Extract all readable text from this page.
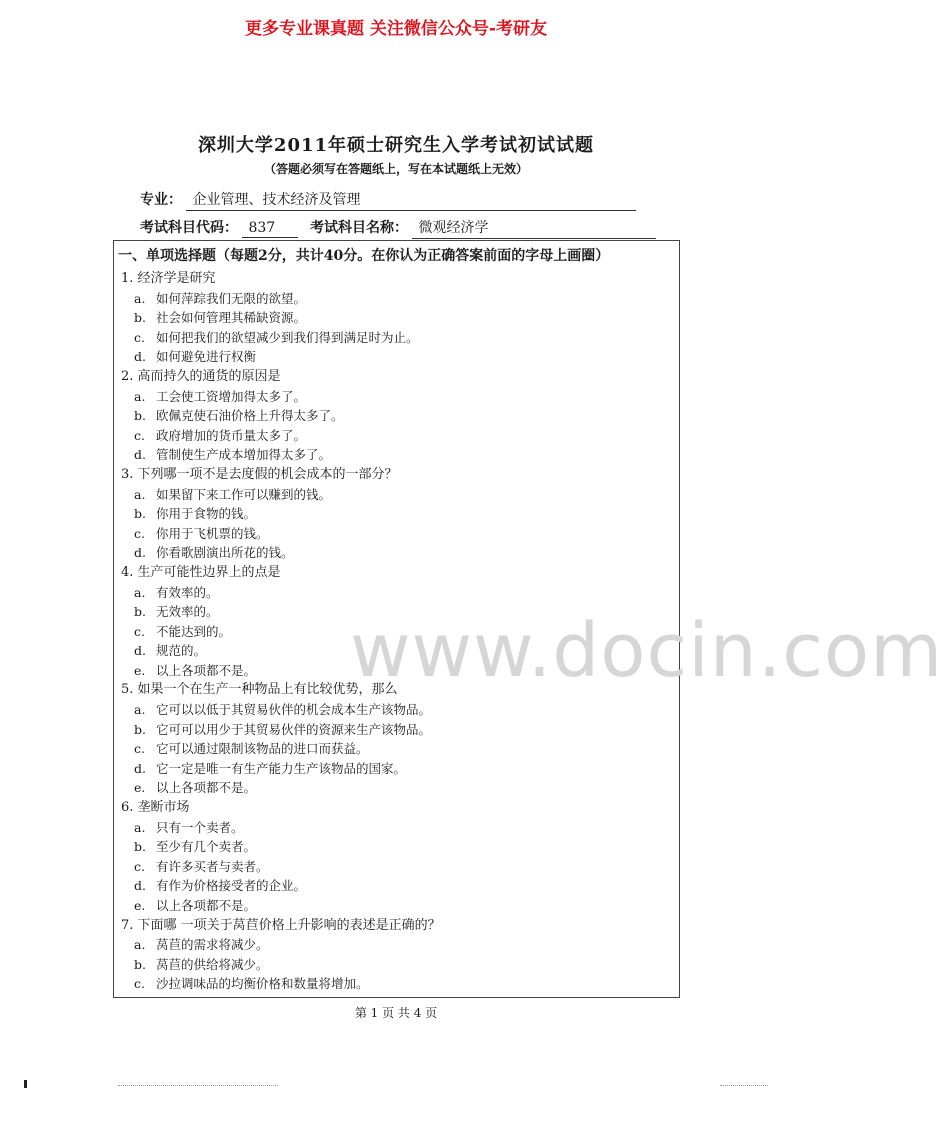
更多专业课真题 关注微信公众号-考研友
深圳大学2011年硕士研究生入学考试初试试题
（答题必须写在答题纸上，写在本试题纸上无效）
专业： 企业管理、技术经济及管理
考试科目代码： 837	考试科目名称： 微观经济学
一、单项选择题（每题2分，共计40分。在你认为正确答案前面的字母上画圈）
1. 经济学是研究
a. 如何萍踪我们无限的欲望。
b. 社会如何管理其稀缺资源。
c. 如何把我们的欲望减少到我们得到满足时为止。
d. 如何避免进行权衡
2. 高而持久的通货的原因是
a. 工会使工资增加得太多了。
b. 欧佩克使石油价格上升得太多了。
c. 政府增加的货币量太多了。
d. 管制使生产成本增加得太多了。
3. 下列哪一项不是去度假的机会成本的一部分？
a. 如果留下来工作可以赚到的钱。
b. 你用于食物的钱。
c. 你用于飞机票的钱。
d. 你看歌剧演出所花的钱。
4. 生产可能性边界上的点是
a. 有效率的。
b. 无效率的。
c. 不能达到的。
d. 规范的。
e. 以上各项都不是。
5. 如果一个在生产一种物品上有比较优势，那么
a. 它可以以低于其贸易伙伴的机会成本生产该物品。
b. 它可可以用少于其贸易伙伴的资源来生产该物品。
c. 它可以通过限制该物品的进口而获益。
d. 它一定是唯一有生产能力生产该物品的国家。
e. 以上各项都不是。
6. 垄断市场
a. 只有一个卖者。
b. 至少有几个卖者。
c. 有许多买者与卖者。
d. 有作为价格接受者的企业。
e. 以上各项都不是。
7. 下面哪 一项关于莴苣价格上升影响的表述是正确的？
a. 莴苣的需求将减少。
b. 莴苣的供给将减少。
c. 沙拉调味品的均衡价格和数量将增加。
www.docin.com
第 1 页 共 4 页
